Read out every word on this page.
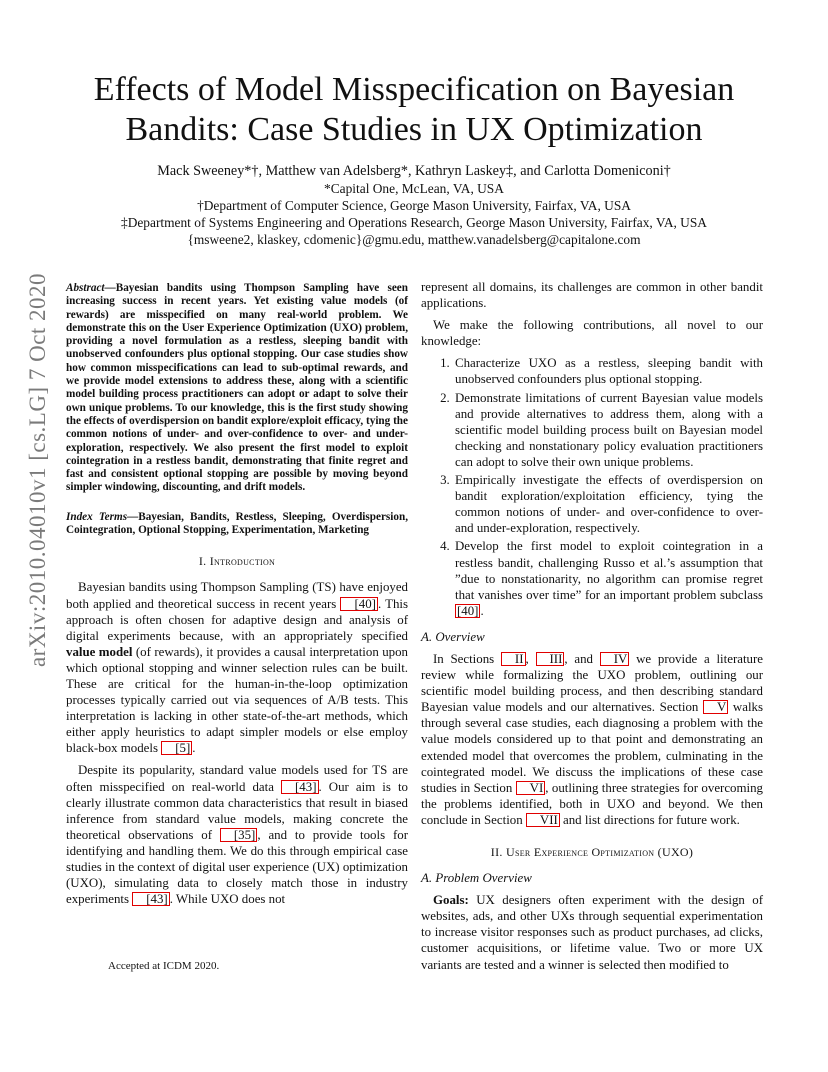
arXiv:2010.04010v1 [cs.LG] 7 Oct 2020
Effects of Model Misspecification on Bayesian Bandits: Case Studies in UX Optimization
Mack Sweeney*†, Matthew van Adelsberg*, Kathryn Laskey‡, and Carlotta Domeniconi†
*Capital One, McLean, VA, USA
†Department of Computer Science, George Mason University, Fairfax, VA, USA
‡Department of Systems Engineering and Operations Research, George Mason University, Fairfax, VA, USA
{msweene2, klaskey, cdomenic}@gmu.edu, matthew.vanadelsberg@capitalone.com
Abstract—Bayesian bandits using Thompson Sampling have seen increasing success in recent years. Yet existing value models (of rewards) are misspecified on many real-world problem. We demonstrate this on the User Experience Optimization (UXO) problem, providing a novel formulation as a restless, sleeping bandit with unobserved confounders plus optional stopping. Our case studies show how common misspecifications can lead to sub-optimal rewards, and we provide model extensions to address these, along with a scientific model building process practitioners can adopt or adapt to solve their own unique problems. To our knowledge, this is the first study showing the effects of overdispersion on bandit explore/exploit efficacy, tying the common notions of under- and over-confidence to over- and under-exploration, respectively. We also present the first model to exploit cointegration in a restless bandit, demonstrating that finite regret and fast and consistent optional stopping are possible by moving beyond simpler windowing, discounting, and drift models.
Index Terms—Bayesian, Bandits, Restless, Sleeping, Overdispersion, Cointegration, Optional Stopping, Experimentation, Marketing
I. Introduction

Bayesian bandits using Thompson Sampling (TS) have enjoyed both applied and theoretical success in recent years [40] . This approach is often chosen for adaptive design and analysis of digital experiments because, with an appropriately specified value model (of rewards), it provides a causal interpretation upon which optional stopping and winner selection rules can be built. These are critical for the human-in-the-loop optimization processes typically carried out via sequences of A/B tests. This interpretation is lacking in other state-of-the-art methods, which either apply heuristics to adapt simpler models or else employ black-box models [5] .

Despite its popularity, standard value models used for TS are often misspecified on real-world data [43] . Our aim is to clearly illustrate common data characteristics that result in biased inference from standard value models, making concrete the theoretical observations of [35] , and to provide tools for identifying and handling them. We do this through empirical case studies in the context of digital user experience (UX) optimization (UXO), simulating data to closely match those in industry experiments [43] . While UXO does not

Accepted at ICDM 2020.

represent all domains, its challenges are common in other bandit applications.

We make the following contributions, all novel to our knowledge:

1. Characterize UXO as a restless, sleeping bandit with unobserved confounders plus optional stopping.
2. Demonstrate limitations of current Bayesian value models and provide alternatives to address them, along with a scientific model building process built on Bayesian model checking and nonstationary policy evaluation practitioners can adopt to solve their own unique problems.
3. Empirically investigate the effects of overdispersion on bandit exploration/exploitation efficiency, tying the common notions of under- and over-confidence to over- and under-exploration, respectively.
4. Develop the first model to exploit cointegration in a restless bandit, challenging Russo et al.’s assumption that ”due to nonstationarity, no algorithm can promise regret that vanishes over time” for an important problem subclass [40] .
A. Overview

In Sections II , III , and IV we provide a literature review while formalizing the UXO problem, outlining our scientific model building process, and then describing standard Bayesian value models and our alternatives. Section V walks through several case studies, each diagnosing a problem with the value models considered up to that point and demonstrating an extended model that overcomes the problem, culminating in the cointegrated model. We discuss the implications of these case studies in Section VI , outlining three strategies for overcoming the problems identified, both in UXO and beyond. We then conclude in Section VII and list directions for future work.

II. User Experience Optimization (UXO)
A. Problem Overview

Goals: UX designers often experiment with the design of websites, ads, and other UXs through sequential experimentation to increase visitor responses such as product purchases, ad clicks, customer acquisitions, or lifetime value. Two or more UX variants are tested and a winner is selected then modified to
